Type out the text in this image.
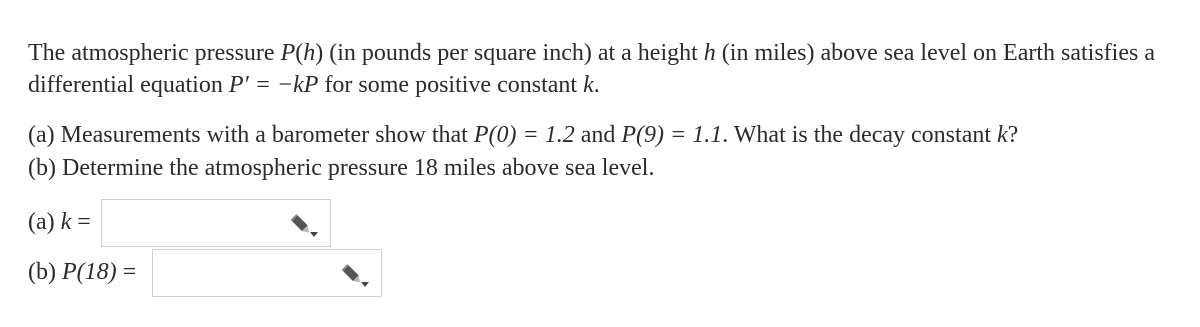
The atmospheric pressure P(h) (in pounds per square inch) at a height h (in miles) above sea level on Earth satisfies a
differential equation P′ = −kP for some positive constant k.
(a) Measurements with a barometer show that P(0) = 1.2 and P(9) = 1.1. What is the decay constant k?
(b) Determine the atmospheric pressure 18 miles above sea level.
(a) k =
(b) P(18) =
